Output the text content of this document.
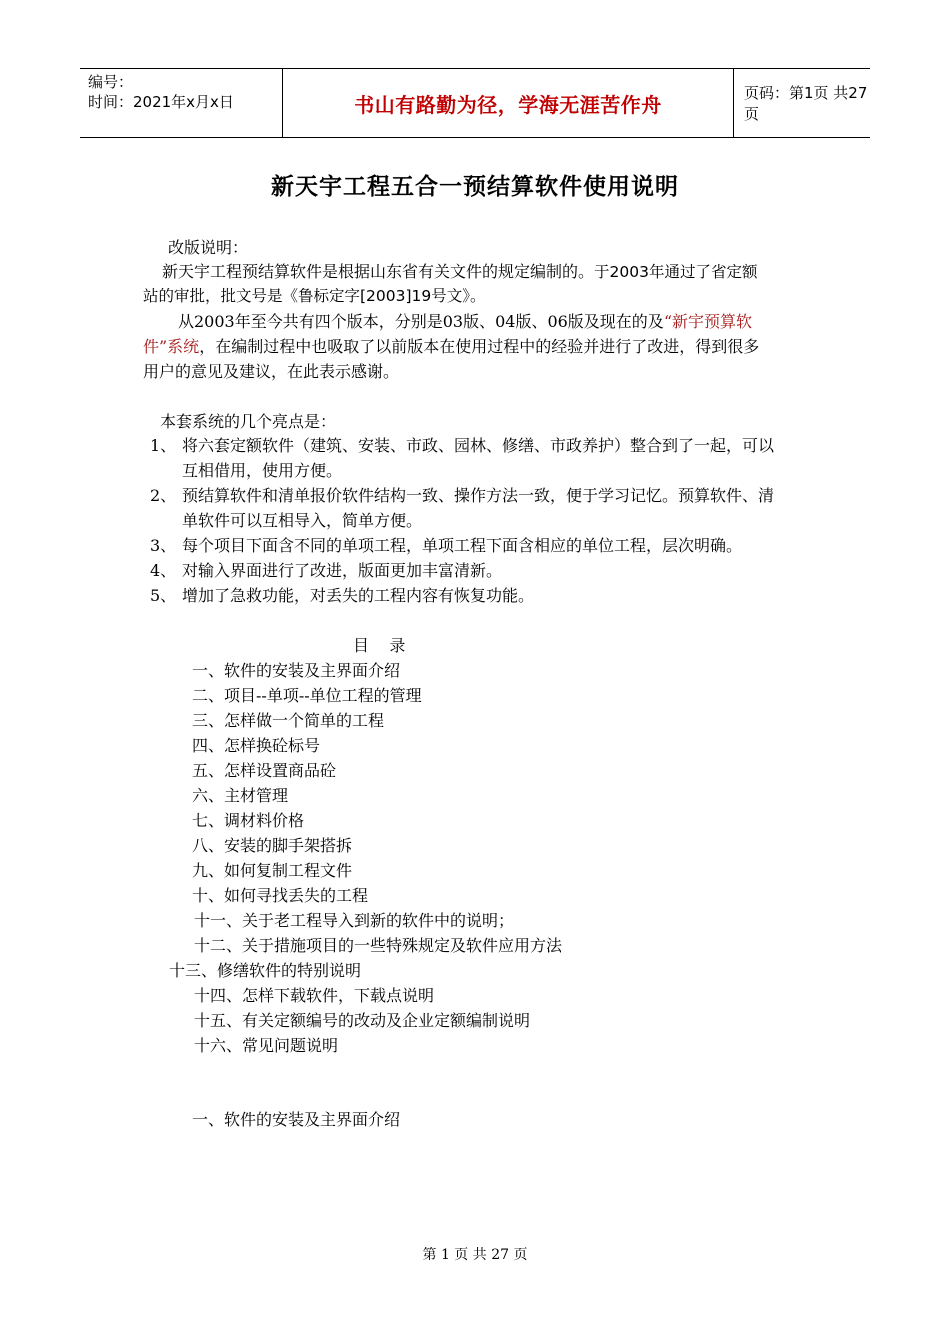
编号：
时间：2021年x月x日	书山有路勤为径，学海无涯苦作舟	页码：第1页 共27页
新天宇工程五合一预结算软件使用说明
改版说明：
新天宇工程预结算软件是根据山东省有关文件的规定编制的。于2003年通过了省定额
站的审批，批文号是《鲁标定字[2003]19号文》。
从2003年至今共有四个版本，分别是03版、04版、06版及现在的及“新宇预算软
件”系统，在编制过程中也吸取了以前版本在使用过程中的经验并进行了改进，得到很多
用户的意见及建议，在此表示感谢。
本套系统的几个亮点是：
1、 将六套定额软件（建筑、安装、市政、园林、修缮、市政养护）整合到了一起，可以
互相借用，使用方便。
2、 预结算软件和清单报价软件结构一致、操作方法一致，便于学习记忆。预算软件、清
单软件可以互相导入，简单方便。
3、 每个项目下面含不同的单项工程，单项工程下面含相应的单位工程，层次明确。
4、 对输入界面进行了改进，版面更加丰富清新。
5、 增加了急救功能，对丢失的工程内容有恢复功能。
目    录
一、软件的安装及主界面介绍
二、项目--单项--单位工程的管理
三、怎样做一个简单的工程
四、怎样换砼标号
五、怎样设置商品砼
六、主材管理
七、调材料价格
八、安装的脚手架搭拆
九、如何复制工程文件
十、如何寻找丢失的工程
十一、关于老工程导入到新的软件中的说明；
十二、关于措施项目的一些特殊规定及软件应用方法
十三、修缮软件的特别说明
十四、怎样下载软件，下载点说明
十五、有关定额编号的改动及企业定额编制说明
十六、常见问题说明
一、软件的安装及主界面介绍
第 1 页 共 27 页
